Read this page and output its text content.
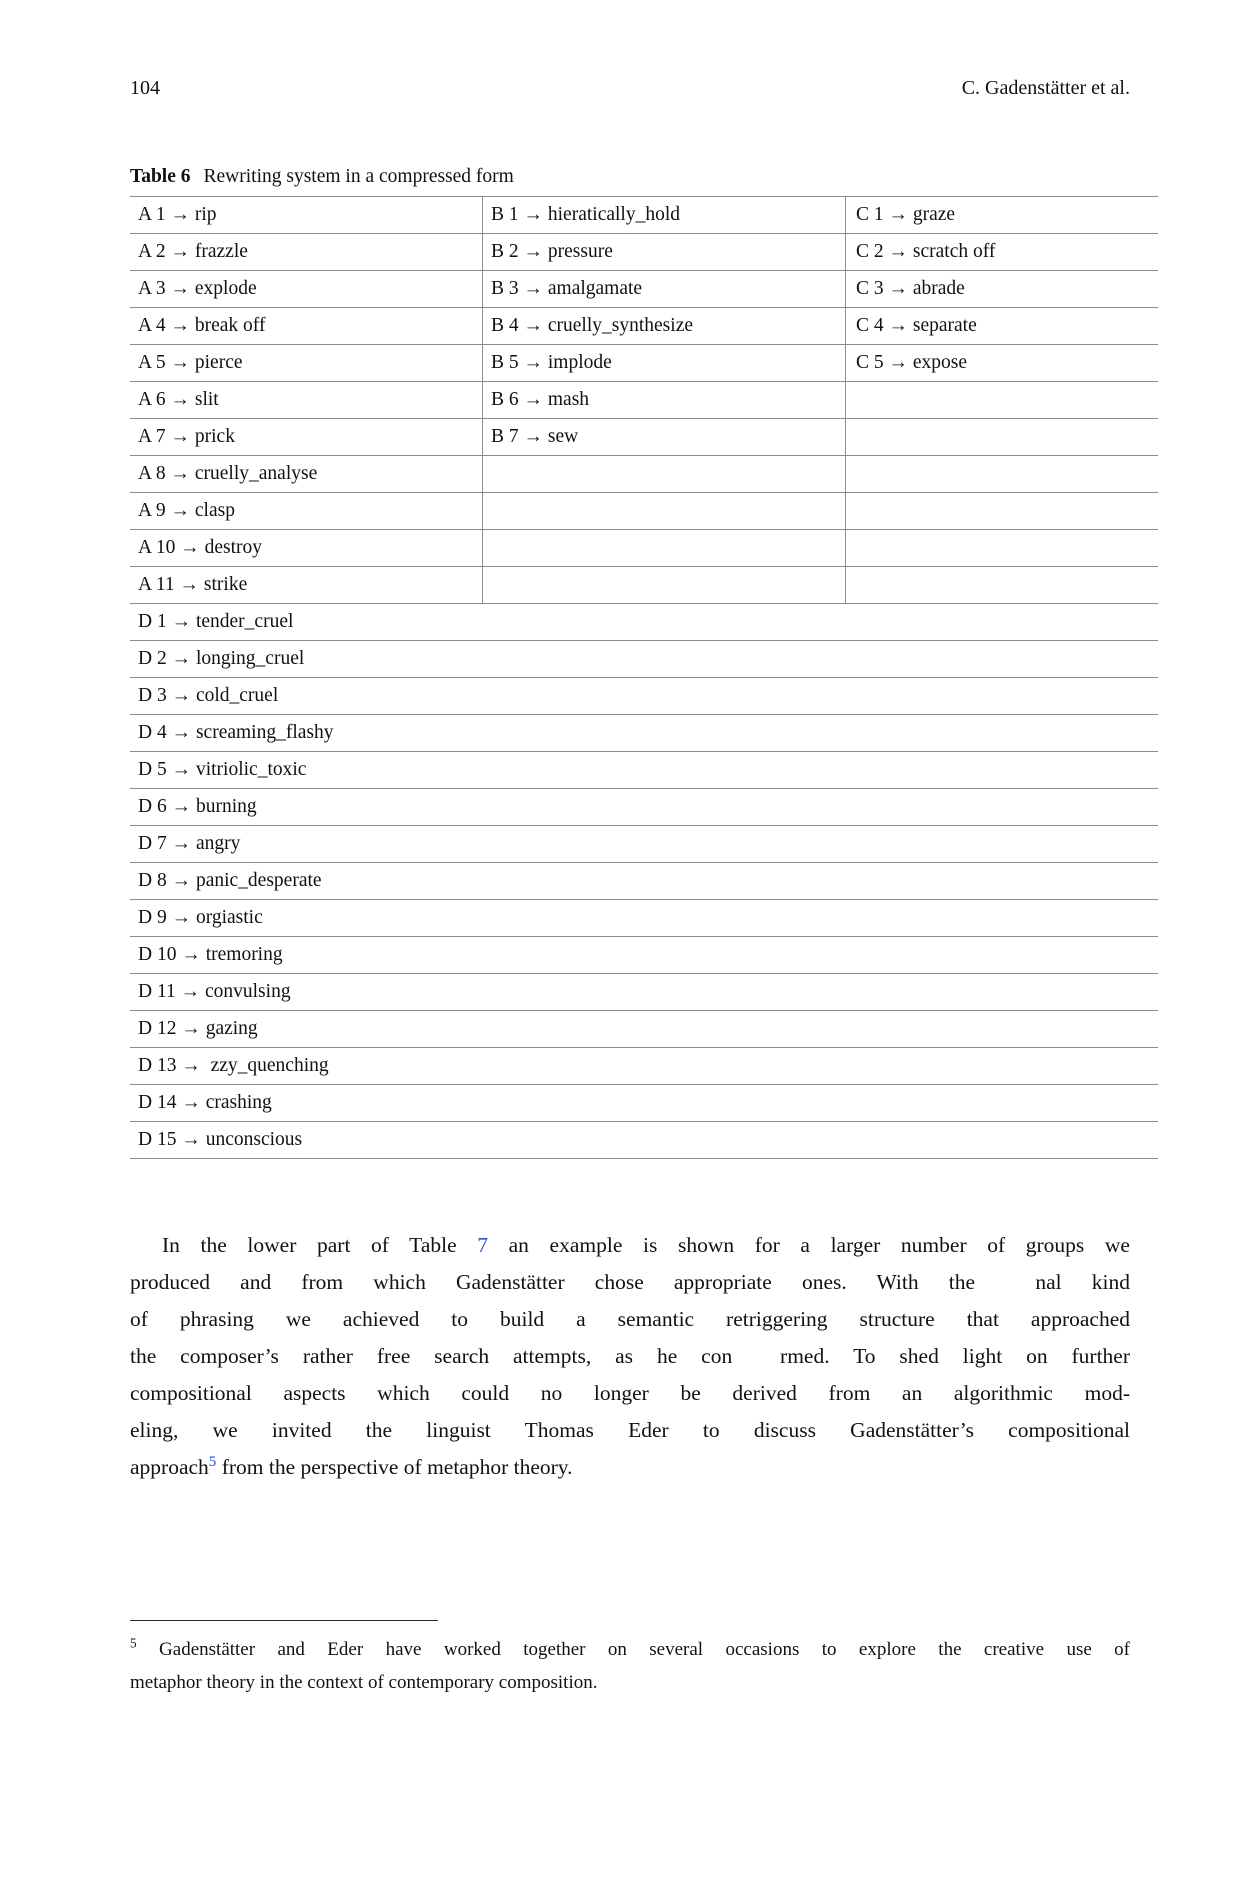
104	C. Gadenstätter et al.
Table 6 Rewriting system in a compressed form
A 1 → rip	B 1 → hieratically_hold	C 1 → graze
A 2 → frazzle	B 2 → pressure	C 2 → scratch off
A 3 → explode	B 3 → amalgamate	C 3 → abrade
A 4 → break off	B 4 → cruelly_synthesize	C 4 → separate
A 5 → pierce	B 5 → implode	C 5 → expose
A 6 → slit	B 6 → mash	
A 7 → prick	B 7 → sew	
A 8 → cruelly_analyse		
A 9 → clasp		
A 10 → destroy		
A 11 → strike		
D 1 → tender_cruel		
D 2 → longing_cruel		
D 3 → cold_cruel		
D 4 → screaming_flashy		
D 5 → vitriolic_toxic		
D 6 → burning		
D 7 → angry		
D 8 → panic_desperate		
D 9 → orgiastic		
D 10 → tremoring		
D 11 → convulsing		
D 12 → gazing		
D 13 →  zzy_quenching		
D 14 → crashing		
D 15 → unconscious		
In the lower part of Table 7 an example is shown for a larger number of groups we
produced and from which Gadenstätter chose appropriate ones. With the  nal kind
of phrasing we achieved to build a semantic retriggering structure that approached
the composer’s rather free search attempts, as he con  rmed. To shed light on further
compositional aspects which could no longer be derived from an algorithmic mod-
eling, we invited the linguist Thomas Eder to discuss Gadenstätter’s compositional
approach$^5$ from the perspective of metaphor theory.
$^5$ Gadenstätter and Eder have worked together on several occasions to explore the creative use of
metaphor theory in the context of contemporary composition.
